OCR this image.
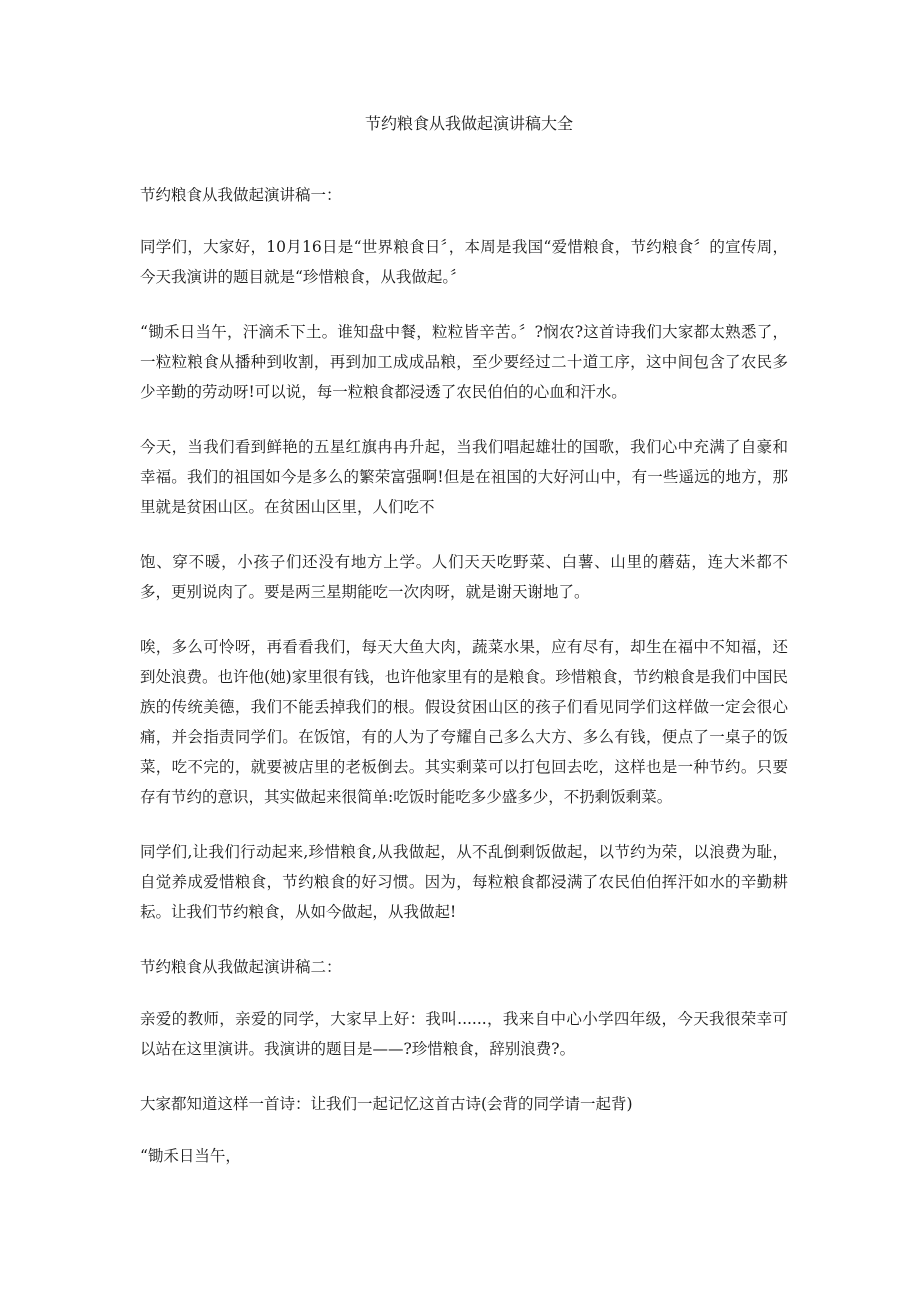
节约粮食从我做起演讲稿大全

节约粮食从我做起演讲稿一：

同学们，大家好，10月16日是“世界粮食日〞，本周是我国“爱惜粮食，节约粮食〞的宣传周，今天我演讲的题目就是“珍惜粮食，从我做起。〞

“锄禾日当午，汗滴禾下土。谁知盘中餐，粒粒皆辛苦。〞?悯农?这首诗我们大家都太熟悉了，一粒粒粮食从播种到收割，再到加工成成品粮，至少要经过二十道工序，这中间包含了农民多少辛勤的劳动呀!可以说，每一粒粮食都浸透了农民伯伯的心血和汗水。

今天，当我们看到鲜艳的五星红旗冉冉升起，当我们唱起雄壮的国歌，我们心中充满了自豪和幸福。我们的祖国如今是多么的繁荣富强啊!但是在祖国的大好河山中，有一些遥远的地方，那里就是贫困山区。在贫困山区里，人们吃不

饱、穿不暖，小孩子们还没有地方上学。人们天天吃野菜、白薯、山里的蘑菇，连大米都不多，更别说肉了。要是两三星期能吃一次肉呀，就是谢天谢地了。

唉，多么可怜呀，再看看我们，每天大鱼大肉，蔬菜水果，应有尽有，却生在福中不知福，还到处浪费。也许他(她)家里很有钱，也许他家里有的是粮食。珍惜粮食，节约粮食是我们中国民族的传统美德，我们不能丢掉我们的根。假设贫困山区的孩子们看见同学们这样做一定会很心痛，并会指责同学们。在饭馆，有的人为了夸耀自己多么大方、多么有钱，便点了一桌子的饭菜，吃不完的，就要被店里的老板倒去。其实剩菜可以打包回去吃，这样也是一种节约。只要存有节约的意识，其实做起来很简单:吃饭时能吃多少盛多少，不扔剩饭剩菜。

同学们,让我们行动起来,珍惜粮食,从我做起，从不乱倒剩饭做起，以节约为荣，以浪费为耻，自觉养成爱惜粮食，节约粮食的好习惯。因为，每粒粮食都浸满了农民伯伯挥汗如水的辛勤耕耘。让我们节约粮食，从如今做起，从我做起!

节约粮食从我做起演讲稿二：

亲爱的教师，亲爱的同学，大家早上好：我叫......，我来自中心小学四年级，今天我很荣幸可以站在这里演讲。我演讲的题目是——?珍惜粮食，辞别浪费?。

大家都知道这样一首诗：让我们一起记忆这首古诗(会背的同学请一起背)

“锄禾日当午，
